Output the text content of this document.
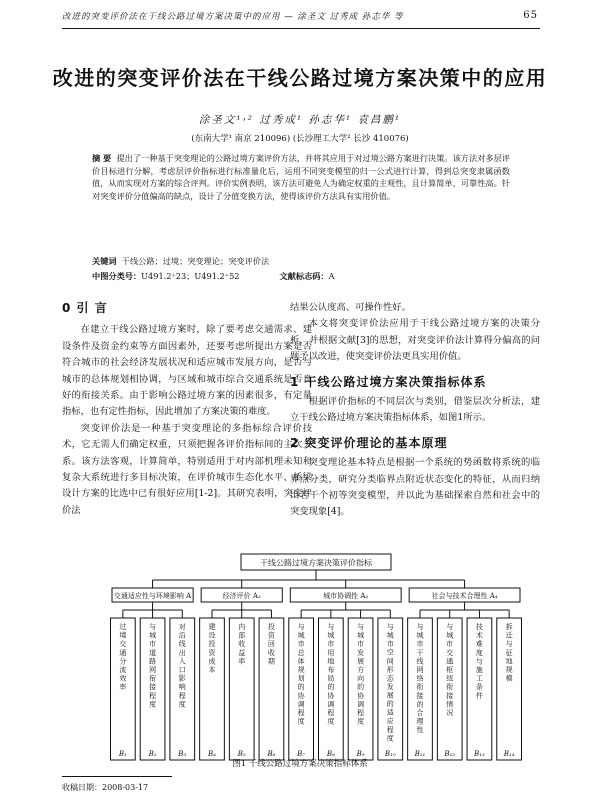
改进的突变评价法在干线公路过境方案决策中的应用 — 涂圣文 过秀成 孙志华 等	65
改进的突变评价法在干线公路过境方案决策中的应用
涂圣文¹˒² 过秀成¹ 孙志华¹ 袁昌鹏¹
(东南大学¹ 南京 210096) (长沙理工大学² 长沙 410076)
摘 要 提出了一种基于突变理论的公路过境方案评价方法，并将其应用于对过境公路方案进行决策。该方法对多层评价目标进行分解，考虑层评价指标进行标准量化后，运用不同突变模型的归一公式进行计算，得到总突变隶属函数值，从而实现对方案的综合评判。评价实例表明，该方法可避免人为确定权重的主观性，且计算简单、可靠性高。针对突变评价分值偏高的缺点，设计了分值变换方法，使得该评价方法具有实用价值。
关键词 干线公路；过境；突变理论；突变评价法
中图分类号：U491.2⁺23；U491.2⁺52	文献标志码：A
0 引 言

在建立干线公路过境方案时，除了要考虑交通需求、建设条件及资金约束等方面因素外，还要考虑所提出方案是否符合城市的社会经济发展状况和适应城市发展方向，是否与城市的总体规划相协调，与区域和城市综合交通系统是否良好的衔接关系。由于影响公路过境方案的因素很多，有定量指标，也有定性指标，因此增加了方案决策的难度。

突变评价法是一种基于突变理论的多指标综合评价技术，它无需人们确定权重，只须把握各评价指标间的主次关系。该方法客观，计算简单，特别适用于对内部机理未知和复杂大系统进行多目标决策，在评价城市生态化水平、桥梁设计方案的比选中已有很好应用[1-2]。其研究表明，突变评价法

结果公认度高、可操作性好。

本文将突变评价法应用于干线公路过境方案的决策分析，并根据文献[3]的思想，对突变评价法计算得分偏高的问题予以改进，使突变评价法更具实用价值。

1 干线公路过境方案决策指标体系

根据评价指标的不同层次与类别，借鉴层次分析法，建立干线公路过境方案决策指标体系，如图1所示。

2 突变评价理论的基本原理

突变理论基本特点是根据一个系统的势函数将系统的临界点分类，研究分类临界点附近状态变化的特征，从而归纳出若干个初等突变模型，并以此为基础探索自然和社会中的突变现象[4]。

干线公路过境方案决策评价指标
交通适应性与环境影响 A
过境交通分流效率
B₁
与城市道路网衔接程度
B₂
对沿线出入口影响程度
B₃
经济评价 A₂
建设投资成本
B₄
内部收益率
B₅
投资回收期
B₆
城市协调性 A₃
与城市总体规划的协调程度
B₇
与城市用地布局的协调程度
B₈
与城市发展方向的协调程度
B₉
与城市空间形态发展的适应程度
B₁₀
社会与技术合理性 A₄
与城市干线网络衔接的合理性
B₁₁
与城市交通枢纽衔接情况
B₁₂
技术难度与施工条件
B₁₃
拆迁与征地规模
B₁₄
图1 干线公路过境方案决策指标体系
收稿日期：2008-03-17
